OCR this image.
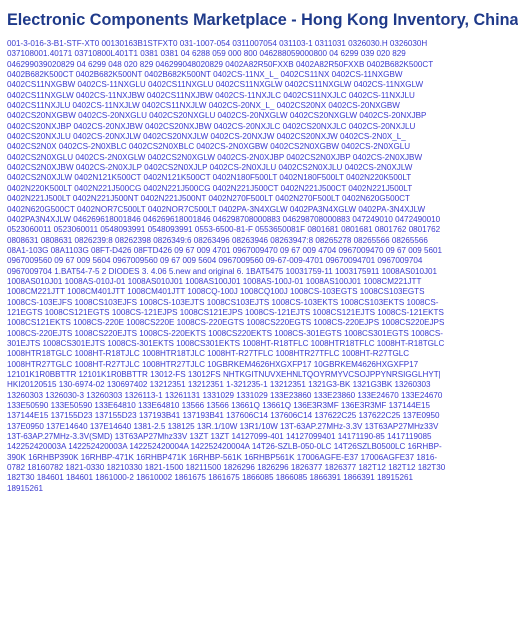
Electronic Components Marketplace - Hong Kong Inventory, China

001-3-016-3-B1-STF-XT0 00130163B1STFXT0 031-1007-054 0311007054 031103-1 0311031 0326030.H 0326030H 037108001.40171 03710800L401T1 0381 0381 04 6288 059 000 800 046288059000800 04 6299 039 020 829 046299039020829 04 6299 048 020 829 046299048020829 0402A82R50FXXB 0402A82R50FXXB 0402B682K500CT 0402B682K500CT 0402B682K500NT 0402B682K500NT 0402CS-11NX_L_ 0402CS11NX 0402CS-11NXGBW 0402CS11NXGBW 0402CS-11NXGLU 0402CS11NXGLU 0402CS11NXGLW 0402CS11NXGLW 0402CS-11NXGLW 0402CS11NXGLW 0402CS-11NXJBW 0402CS11NXJBW 0402CS-11NXJLC 0402CS11NXJLC 0402CS-11NXJLU 0402CS11NXJLU 0402CS-11NXJLW 0402CS11NXJLW 0402CS-20NX_L_ 0402CS20NX 0402CS-20NXGBW 0402CS20NXGBW 0402CS-20NXGLU 0402CS20NXGLU 0402CS-20NXGLW 0402CS20NXGLW 0402CS-20NXJBP 0402CS20NXJBP 0402CS-20NXJBW 0402CS20NXJBW 0402CS-20NXJLC 0402CS20NXJLC 0402CS-20NXJLU 0402CS20NXJLU 0402CS-20NXJLW 0402CS20NXJLW 0402CS-20NXJW 0402CS20NXJW 0402CS-2N0X_L_ 0402CS2N0X 0402CS-2N0XBLC 0402CS2N0XBLC 0402CS-2N0XGBW 0402CS2N0XGBW 0402CS-2N0XGLU 0402CS2N0XGLU 0402CS-2N0XGLW 0402CS2N0XGLW 0402CS-2N0XJBP 0402CS2N0XJBP 0402CS-2N0XJBW 0402CS2N0XJBW 0402CS-2N0XJLP 0402CS2N0XJLP 0402CS-2N0XJLU 0402CS2N0XJLU 0402CS-2N0XJLW 0402CS2N0XJLW 0402N121K500CT 0402N121K500CT 0402N180F500LT 0402N180F500LT 0402N220K500LT 0402N220K500LT 0402N221J500CG 0402N221J500CG 0402N221J500CT 0402N221J500CT 0402N221J500LT 0402N221J500LT 0402N221J500NT 0402N221J500NT 0402N270F500LT 0402N270F500LT 0402N620G500CT 0402N620G500CT 0402NOR7C500LT 0402NOR7C500LT 0402PA-3N4XGLW 0402PA3N4XGLW 0402PA-3N4XJLW 0402PA3N4XJLW 046269618001846 046269618001846 046298708000883 046298708000883 047249010 0472490010 0523060011 0523060011 0548093991 0548093991 0553-6500-81-F 0553650081F 0801681 0801681 0801762 0801762 0808631 0808631 0826239:8 08262398 0826349:6 08263496 08263946 08263947:8 08265278 08265566 08265566 08A1-103G 08A1103G 08FT-D426 08FTD426 09 67 009 4701 0967009470 09 67 009 4704 0967009470 09 67 009 5601 0967009560 09 67 009 5604 0967009560 09 67 009 5604 0967009560 09-67-009-4701 09670094701 0967009704 0967009704 1.BAT54-7-5 2 DIODES 3. 4.06 5.new and original 6. 1BAT5475 10031759-11 1003175911 1008AS010J01 1008AS010J01 1008AS-010J-01 1008AS010J01 1008AS100J01 1008AS-100J-01 1008AS100J01 1008CM221JTT 1008CM221JTT 1008CM401JTT 1008CM401JTT 1008CQ-100J 1008CQ100J 1008CS-103EGTS 1008CS103EGTS 1008CS-103EJFS 1008CS103EJFS 1008CS-103EJTS 1008CS103EJTS 1008CS-103EKTS 1008CS103EKTS 1008CS-121EGTS 1008CS121EGTS 1008CS-121EJPS 1008CS121EJPS 1008CS-121EJTS 1008CS121EJTS 1008CS-121EKTS 1008CS121EKTS 1008CS-220E 1008CS220E 1008CS-220EGTS 1008CS220EGTS 1008CS-220EJPS 1008CS220EJPS 1008CS-220EJTS 1008CS220EJTS 1008CS-220EKTS 1008CS220EKTS 1008CS-301EGTS 1008CS301EGTS 1008CS-301EJTS 1008CS301EJTS 1008CS-301EKTS 1008CS301EKTS 1008HT-R18TFLC 1008HTR18TFLC 1008HT-R18TGLC 1008HTR18TGLC 1008HT-R18TJLC 1008HTR18TJLC 1008HT-R27TFLC 1008HTR27TFLC 1008HT-R27TGLC 1008HTR27TGLC 1008HT-R27TJLC 1008HTR27TJLC 10GBRKEM4626HXGXFP17 10GBRKEM4626HXGXFP17 12101K1R0BBTTR 12101K1R0BBTTR 13012-FS 13012FS NHTKGITNUVXEHNLTQOYRMYVCSOJPPYNRSIGGLHYT| HKI20120515 130-6974-02 130697402 13212351 13212351 1-321235-1 13212351 1321G3-BK 1321G3BK 13260303 13260303 1326030-3 13260303 1326113-1 13261131 1331029 1331029 133E23860 133E23860 133E24670 133E24670 133E50590 133E50590 133E64810 133E64810 13566 13566 13661Q 13661Q 136E3R3MF 136E3R3MF 137144E15 137144E15 137155D23 137155D23 137193B41 137193B41 137606C14 137606C14 137622C25 137622C25 137E0950 137E0950 137E14640 137E14640 1381-2.5 138125 13R.1/10W 13R1/10W 13T-63AP.27MHz-3.3V 13T63AP27MHz33V 13T-63AP.27MHz-3.3V(SMD) 13T63AP27Mhz33V 13ZT 13ZT 14127099-401 14127099401 14171190-85 1417119085 142252420003A 142252420003A 142252420004A 142252420004A 14T26-SZLB-050-0LC 14T26SZLB0500LC 16RHBP-390K 16RHBP390K 16RHBP-471K 16RHBP471K 16RHBP-561K 16RHBP561K 17006AGFE-E37 17006AGFE37 1816-0782 18160782 1821-0330 18210330 1821-1500 18211500 1826296 1826296 1826377 1826377 182T12 182T12 182T30 182T30 184601 184601 1861000-2 18610002 1861675 1861675 1866085 1866085 1866391 1866391 18915261 18915261
